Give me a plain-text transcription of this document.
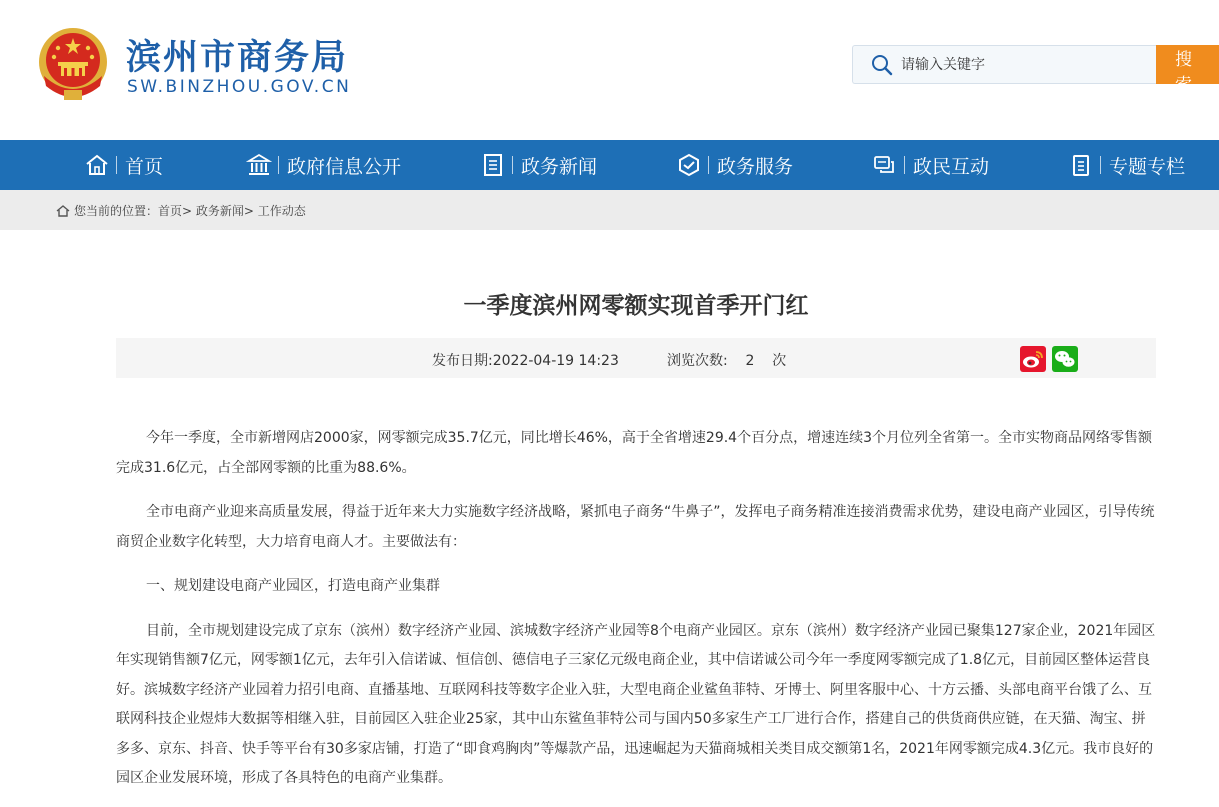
滨州市商务局
SW.BINZHOU.GOV.CN
请输入关键字
搜 索
首页	政府信息公开	政务新闻	政务服务	政民互动	专题专栏
您当前的位置：首页> 政务新闻> 工作动态
一季度滨州网零额实现首季开门红
发布日期:2022-04-19 14:23	浏览次数: 2 次

今年一季度，全市新增网店2000家，网零额完成35.7亿元，同比增长46%，高于全省增速29.4个百分点，增速连续3个月位列全省第一。全市实物商品网络零售额完成31.6亿元，占全部网零额的比重为88.6%。

全市电商产业迎来高质量发展，得益于近年来大力实施数字经济战略，紧抓电子商务“牛鼻子”，发挥电子商务精准连接消费需求优势，建设电商产业园区，引导传统商贸企业数字化转型，大力培育电商人才。主要做法有：

一、规划建设电商产业园区，打造电商产业集群

目前，全市规划建设完成了京东（滨州）数字经济产业园、滨城数字经济产业园等8个电商产业园区。京东（滨州）数字经济产业园已聚集127家企业，2021年园区年实现销售额7亿元，网零额1亿元，去年引入信诺诚、恒信创、德信电子三家亿元级电商企业，其中信诺诚公司今年一季度网零额完成了1.8亿元，目前园区整体运营良好。滨城数字经济产业园着力招引电商、直播基地、互联网科技等数字企业入驻，大型电商企业鲨鱼菲特、牙博士、阿里客服中心、十方云播、头部电商平台饿了么、互联网科技企业煜炜大数据等相继入驻，目前园区入驻企业25家，其中山东鲨鱼菲特公司与国内50多家生产工厂进行合作，搭建自己的供货商供应链，在天猫、淘宝、拼多多、京东、抖音、快手等平台有30多家店铺，打造了“即食鸡胸肉”等爆款产品，迅速崛起为天猫商城相关类目成交额第1名，2021年网零额完成4.3亿元。我市良好的园区企业发展环境，形成了各具特色的电商产业集群。
